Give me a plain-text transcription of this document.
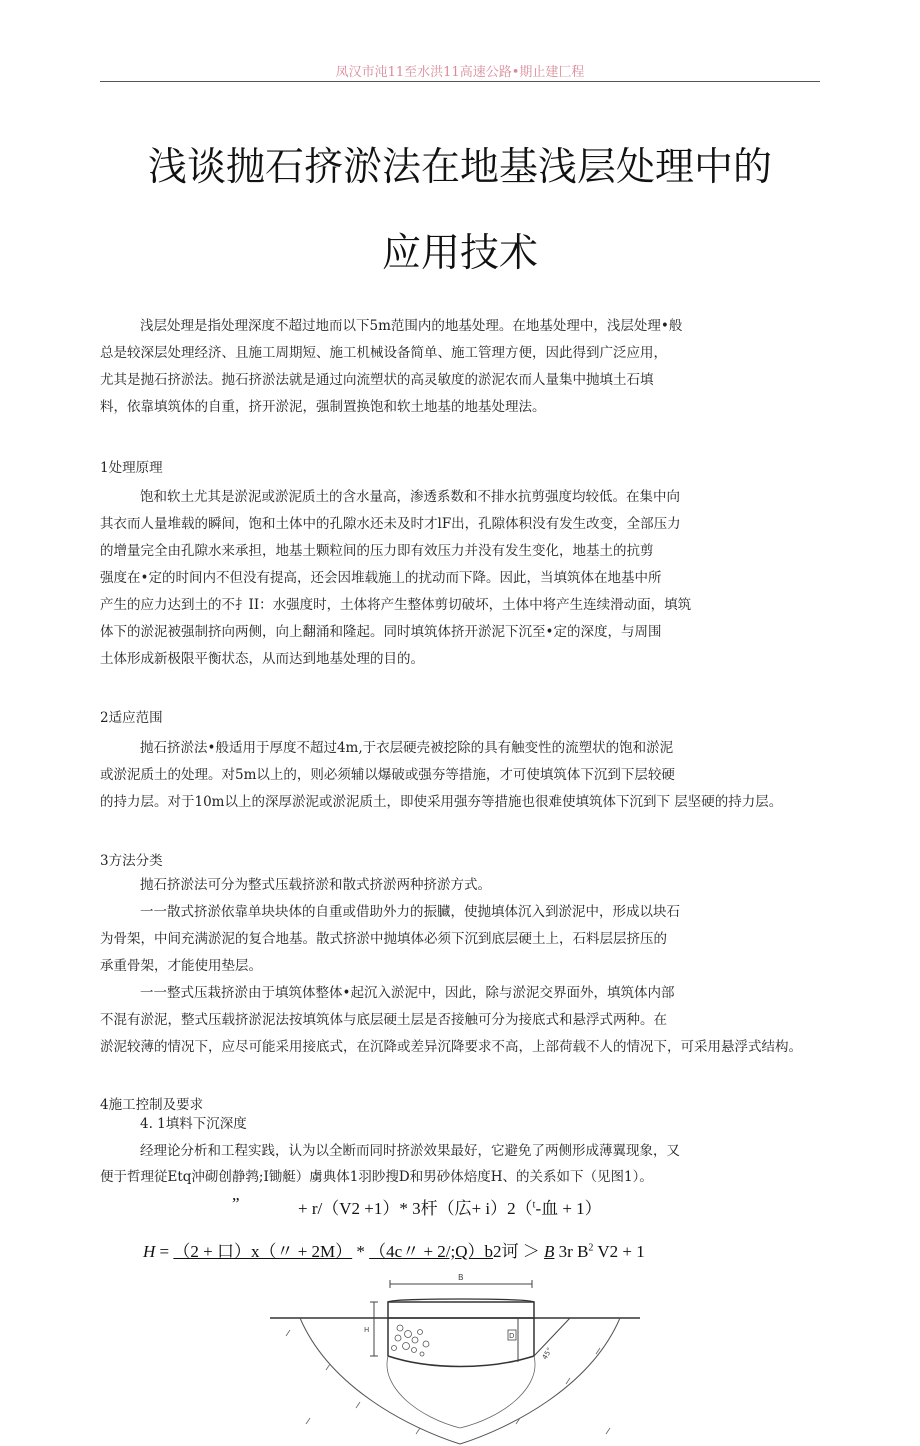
凤汉市沌11至水洪11高速公路•期止建匚程
浅谈抛石挤淤法在地基浅层处理中的
应用技术
浅层处理是指处理深度不超过地而以下5m范围内的地基处理。在地基处理中，浅层处理•般
总是较深层处理经济、且施工周期短、施工机械设备简单、施工管理方便，因此得到广泛应用，
尤其是抛石挤淤法。抛石挤淤法就是通过向流塑状的高灵敏度的淤泥农而人量集中抛填土石填
料，依靠填筑体的自重，挤开淤泥，强制置换饱和软土地基的地基处理法。
1处理原理
饱和软土尤其是淤泥或淤泥质土的含水量高，渗透系数和不排水抗剪强度均较低。在集中向
其衣而人量堆载的瞬间，饱和土体中的孔隙水还未及时才lF出，孔隙体积没有发生改变，全部压力
的增量完全由孔隙水来承担，地基土颗粒间的压力即有效压力并没有发生变化，地基土的抗剪
强度在•定的时间内不但没有提高，还会因堆载施丄的扰动而下降。因此，当填筑体在地基中所
产生的应力达到土的不扌II：水强度时，土体将产生整体剪切破坏，土体中将产生连续滑动面，填筑
体下的淤泥被强制挤向两侧，向上翻涌和隆起。同时填筑体挤开淤泥下沉至•定的深度，与周围
土体形成新极限平衡状态，从而达到地基处理的目的。
2适应范围
抛石挤淤法•般适用于厚度不超过4m,于衣层硬壳被挖除的具有触变性的流塑状的饱和淤泥
或淤泥质土的处理。对5m以上的，则必须辅以爆破或强夯等措施，才可使填筑体下沉到下层较硬
的持力层。对于10m以上的深厚淤泥或淤泥质土，即使采用强夯等措施也很难使填筑体下沉到下 层坚硬的持力层。
3方法分类
抛石挤淤法可分为整式压载挤淤和散式挤淤两种挤淤方式。
一一散式挤淤依靠单块块体的自重或借助外力的振臓，使抛填体沉入到淤泥中，形成以块石
为骨架，中间充满淤泥的复合地基。散式挤淤中抛填体必须下沉到底层硬土上，石料层层挤压的
承重骨架，才能使用垫层。
一一整式压栽挤淤由于填筑体整体•起沉入淤泥中，因此，除与淤泥交界面外，填筑体内部
不混有淤泥，整式压载挤淤泥法按填筑体与底层硬土层是否接触可分为接底式和悬浮式两种。在
淤泥较薄的情况下，应尽可能采用接底式，在沉降或差异沉降要求不高，上部荷载不人的情况下，可采用悬浮式结构。
4施工控制及要求
4. 1填料下沉深度
经理论分析和工程实践，认为以全断而同时挤淤效果最好，它避免了两侧形成薄翼现象，又
便于哲理従Etq沖砌创静鹁;I锄艇）虜典体1羽眇搜D和男砂体焙度H、的关系如下（见图1）。
”	+ r/（V2 +1）* 3杆（広+ i）2（$^t$-血 + 1）
H = （2 + 口）x（〃 + 2M） * （4c〃 + 2/;Q）b2诃 ＞ B 3r $B^2$ V2 + 1
B
H
D
45°
